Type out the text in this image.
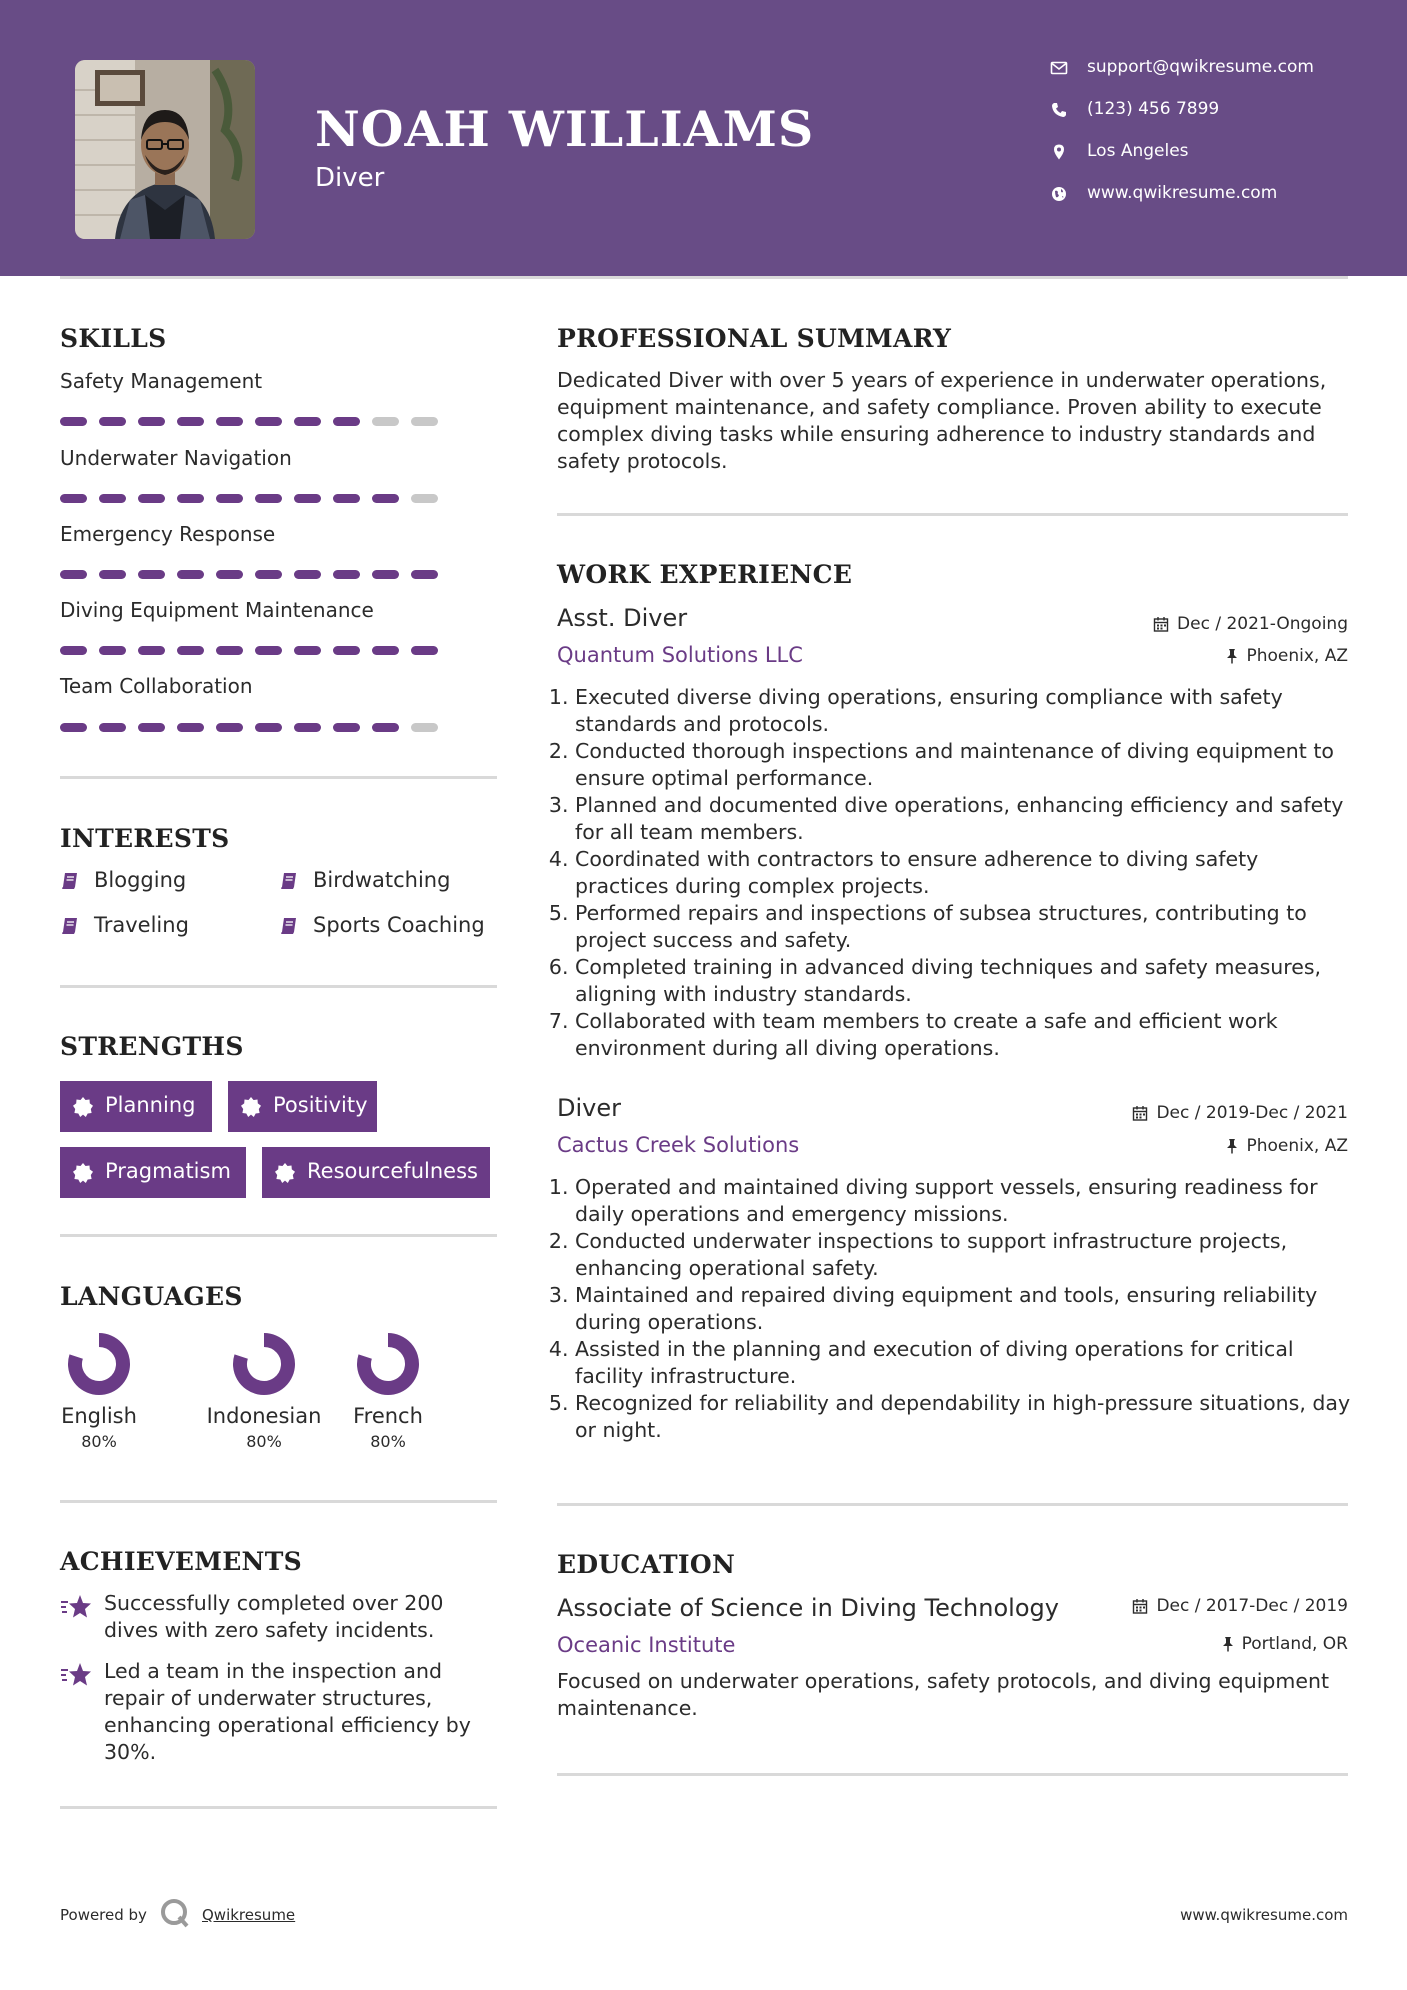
NOAH WILLIAMS
Diver
support@qwikresume.com
(123) 456 7899
Los Angeles
www.qwikresume.com
SKILLS
Safety Management
Underwater Navigation
Emergency Response
Diving Equipment Maintenance
Team Collaboration
INTERESTS
Blogging	Birdwatching
Traveling	Sports Coaching
STRENGTHS
Planning	Positivity
Pragmatism	Resourcefulness
LANGUAGES
English
80%
Indonesian
80%
French
80%
ACHIEVEMENTS
Successfully completed over 200 dives with zero safety incidents.
Led a team in the inspection and repair of underwater structures, enhancing operational efficiency by 30%.
PROFESSIONAL SUMMARY
Dedicated Diver with over 5 years of experience in underwater operations, equipment maintenance, and safety compliance. Proven ability to execute complex diving tasks while ensuring adherence to industry standards and safety protocols.
WORK EXPERIENCE
Asst. Diver	Dec / 2021-Ongoing
Quantum Solutions LLC	Phoenix, AZ
1. Executed diverse diving operations, ensuring compliance with safety standards and protocols.
2. Conducted thorough inspections and maintenance of diving equipment to ensure optimal performance.
3. Planned and documented dive operations, enhancing efficiency and safety for all team members.
4. Coordinated with contractors to ensure adherence to diving safety practices during complex projects.
5. Performed repairs and inspections of subsea structures, contributing to project success and safety.
6. Completed training in advanced diving techniques and safety measures, aligning with industry standards.
7. Collaborated with team members to create a safe and efficient work environment during all diving operations.
Diver	Dec / 2019-Dec / 2021
Cactus Creek Solutions	Phoenix, AZ
1. Operated and maintained diving support vessels, ensuring readiness for daily operations and emergency missions.
2. Conducted underwater inspections to support infrastructure projects, enhancing operational safety.
3. Maintained and repaired diving equipment and tools, ensuring reliability during operations.
4. Assisted in the planning and execution of diving operations for critical facility infrastructure.
5. Recognized for reliability and dependability in high-pressure situations, day or night.
EDUCATION
Associate of Science in Diving Technology	Dec / 2017-Dec / 2019
Oceanic Institute	Portland, OR
Focused on underwater operations, safety protocols, and diving equipment maintenance.
Powered by	Qwikresume	www.qwikresume.com
